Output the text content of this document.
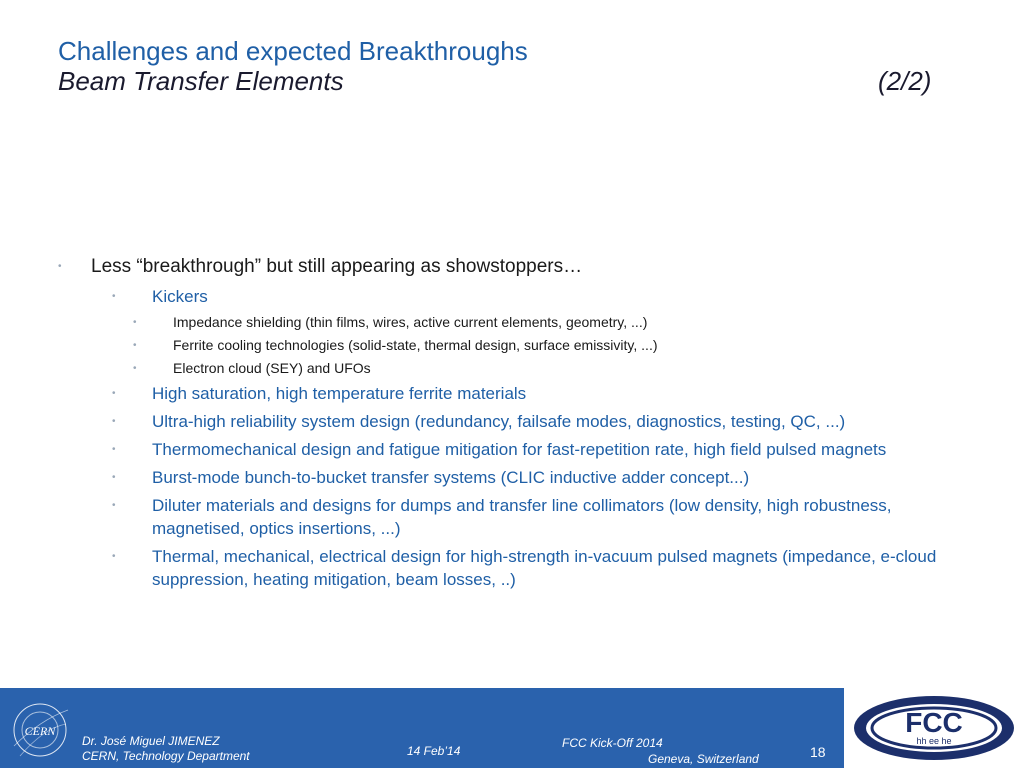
Challenges and expected Breakthroughs
Beam Transfer Elements	(2/2)
• Less “breakthrough” but still appearing as showstoppers…
• Kickers
•	Impedance shielding (thin films, wires, active current elements, geometry, ...)
•	Ferrite cooling technologies (solid-state, thermal design, surface emissivity, ...)
•	Electron cloud (SEY) and UFOs
• High saturation, high temperature ferrite materials
• Ultra-high reliability system design (redundancy, failsafe modes, diagnostics, testing, QC, ...)
• Thermomechanical design and fatigue mitigation for fast-repetition rate, high field pulsed magnets
• Burst-mode bunch-to-bucket transfer systems (CLIC inductive adder concept...)
• Diluter materials and designs for dumps and transfer line collimators (low density, high robustness, magnetised, optics insertions, ...)
• Thermal, mechanical, electrical design for high-strength in-vacuum pulsed magnets (impedance, e-cloud suppression, heating mitigation, beam losses, ..)
CERN
Dr. José Miguel JIMENEZ
CERN, Technology Department	14 Feb’14
FCC Kick-Off 2014
Geneva, Switzerland	18
FCC
hh ee he
